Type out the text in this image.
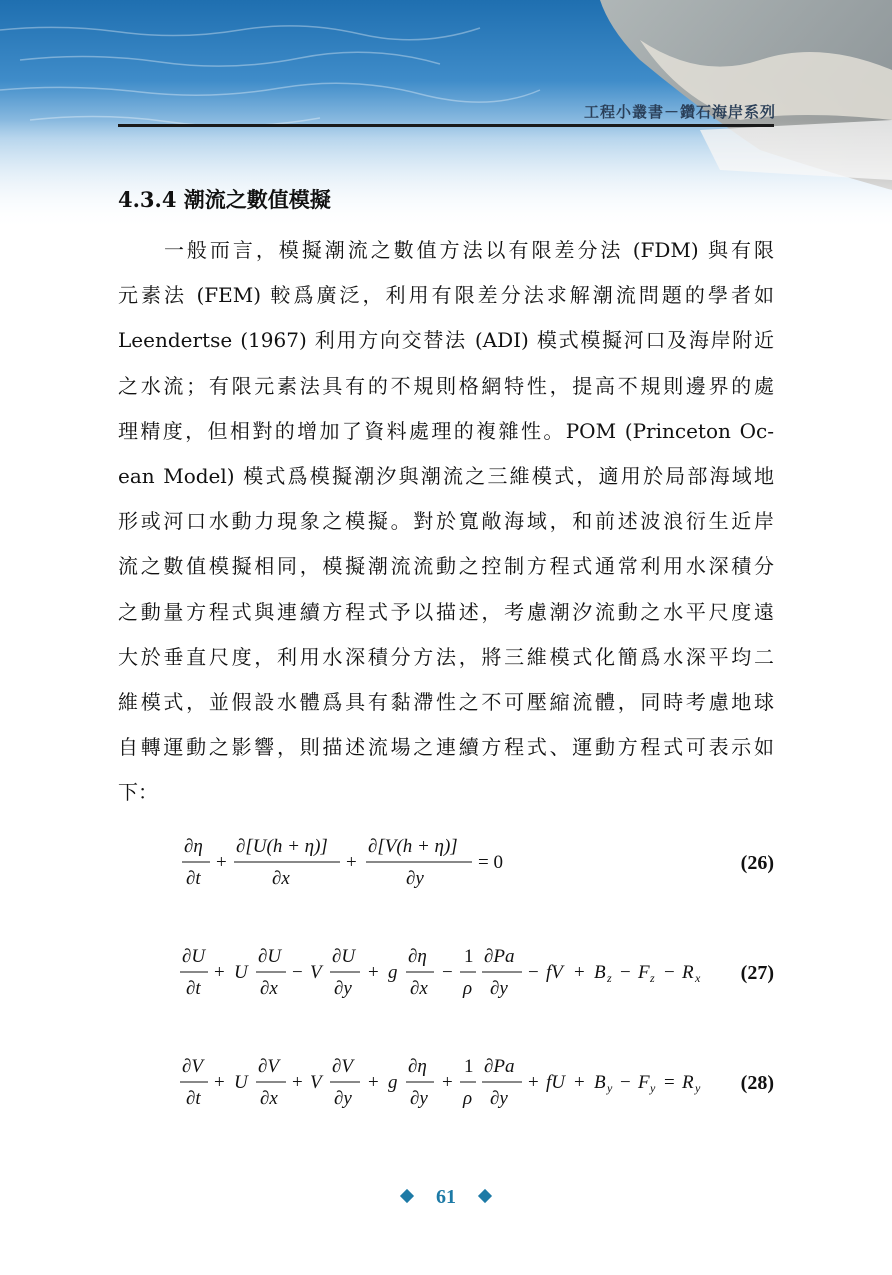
工程小叢書－鑽石海岸系列
4.3.4 潮流之數值模擬
　　一般而言，模擬潮流之數值方法以有限差分法 (FDM) 與有限
元素法 (FEM) 較爲廣泛，利用有限差分法求解潮流問題的學者如
Leendertse (1967) 利用方向交替法 (ADI) 模式模擬河口及海岸附近
之水流；有限元素法具有的不規則格網特性，提高不規則邊界的處
理精度，但相對的增加了資料處理的複雜性。POM (Princeton Oc-
ean Model) 模式爲模擬潮汐與潮流之三維模式，適用於局部海域地
形或河口水動力現象之模擬。對於寬敞海域，和前述波浪衍生近岸
流之數值模擬相同，模擬潮流流動之控制方程式通常利用水深積分
之動量方程式與連續方程式予以描述，考慮潮汐流動之水平尺度遠
大於垂直尺度，利用水深積分方法，將三維模式化簡爲水深平均二
維模式，並假設水體爲具有黏滯性之不可壓縮流體，同時考慮地球
自轉運動之影響，則描述流場之連續方程式、運動方程式可表示如
下：
∂η
∂t
+
∂[U(h + η)]
∂x
+
∂[V(h + η)]
∂y
= 0	(26)
∂U
∂t
+ U
∂U
∂x
− V
∂U
∂y
+ g
∂η
∂x
−
1
ρ
∂Pa
∂y
− fV + B z − F z − R x (27)
∂V
∂t
+ U
∂V
∂x
+ V
∂V
∂y
+ g
∂η
∂y
+
1
ρ
∂Pa
∂y
+ fU + B y − F y = R y (28)
61
